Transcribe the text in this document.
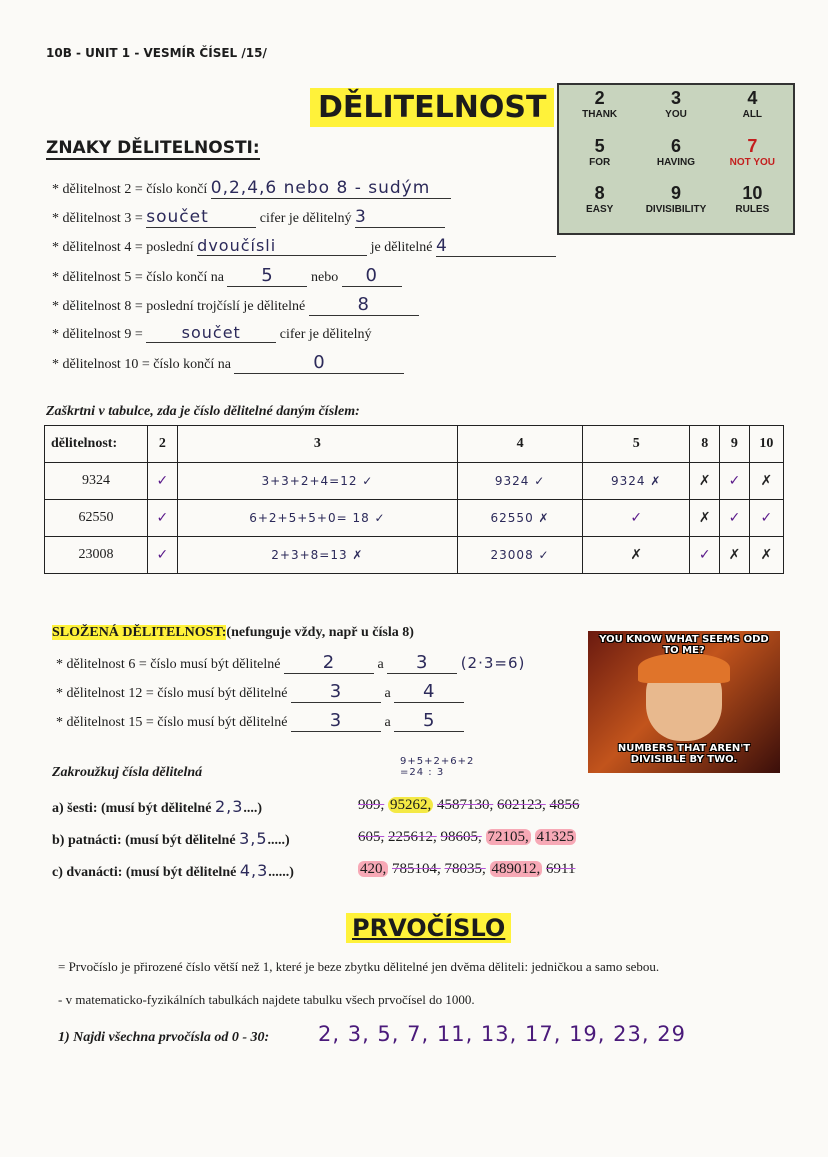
10B - UNIT 1 - VESMÍR ČÍSEL /15/
DĚLITELNOST	2
THANK
3
YOU
4
ALL
5
FOR
6
HAVING
7
NOT YOU
8
EASY
9
DIVISIBILITY
10
RULES
ZNAKY DĚLITELNOSTI:
* dělitelnost 2 = číslo končí 0,2,4,6 nebo 8 - sudým
* dělitelnost 3 = součet	cifer je dělitelný 3
* dělitelnost 4 = poslední dvoučísli	je dělitelné 4
* dělitelnost 5 = číslo končí na 5	nebo 0
* dělitelnost 8 = poslední trojčíslí je dělitelné	8
* dělitelnost 9 = součet	cifer je dělitelný
* dělitelnost 10 = číslo končí na	0
Zaškrtni v tabulce, zda je číslo dělitelné daným číslem:
dělitelnost:	2	3	4	5	8	9	10
9324	✓	3+3+2+4=12 ✓	9324 ✓	9324 ✗	✗	✓	✗
62550	✓	6+2+5+5+0= 18 ✓	62550 ✗	✓	✗	✓	✓
23008	✓	2+3+8=13 ✗	23008 ✓	✗	✓	✗	✗
SLOŽENÁ DĚLITELNOST:(nefunguje vždy, např u čísla 8)
* dělitelnost 6 = číslo musí být dělitelné 2	a 3 (2·3=6)
* dělitelnost 12 = číslo musí být dělitelné 3	a 4
* dělitelnost 15 = číslo musí být dělitelné 3	a 5
YOU KNOW WHAT SEEMS ODD TO ME?
NUMBERS THAT AREN'T DIVISIBLE BY TWO.
Zakroužkuj čísla dělitelná
9+5+2+6+2 =24 : 3
a) šesti: (musí být dělitelné 2,3....)	909, 95262, 4587130, 602123, 4856
b) patnácti: (musí být dělitelné 3,5.....)	605, 225612, 98605, 72105, 41325
c) dvanácti: (musí být dělitelné 4,3......)	420, 785104, 78035, 489012, 6911
PRVOČÍSLO
= Prvočíslo je přirozené číslo větší než 1, které je beze zbytku dělitelné jen dvěma děliteli: jedničkou a samo sebou.
- v matematicko-fyzikálních tabulkách najdete tabulku všech prvočísel do 1000.
1) Najdi všechna prvočísla od 0 - 30: 2, 3, 5, 7, 11, 13, 17, 19, 23, 29
